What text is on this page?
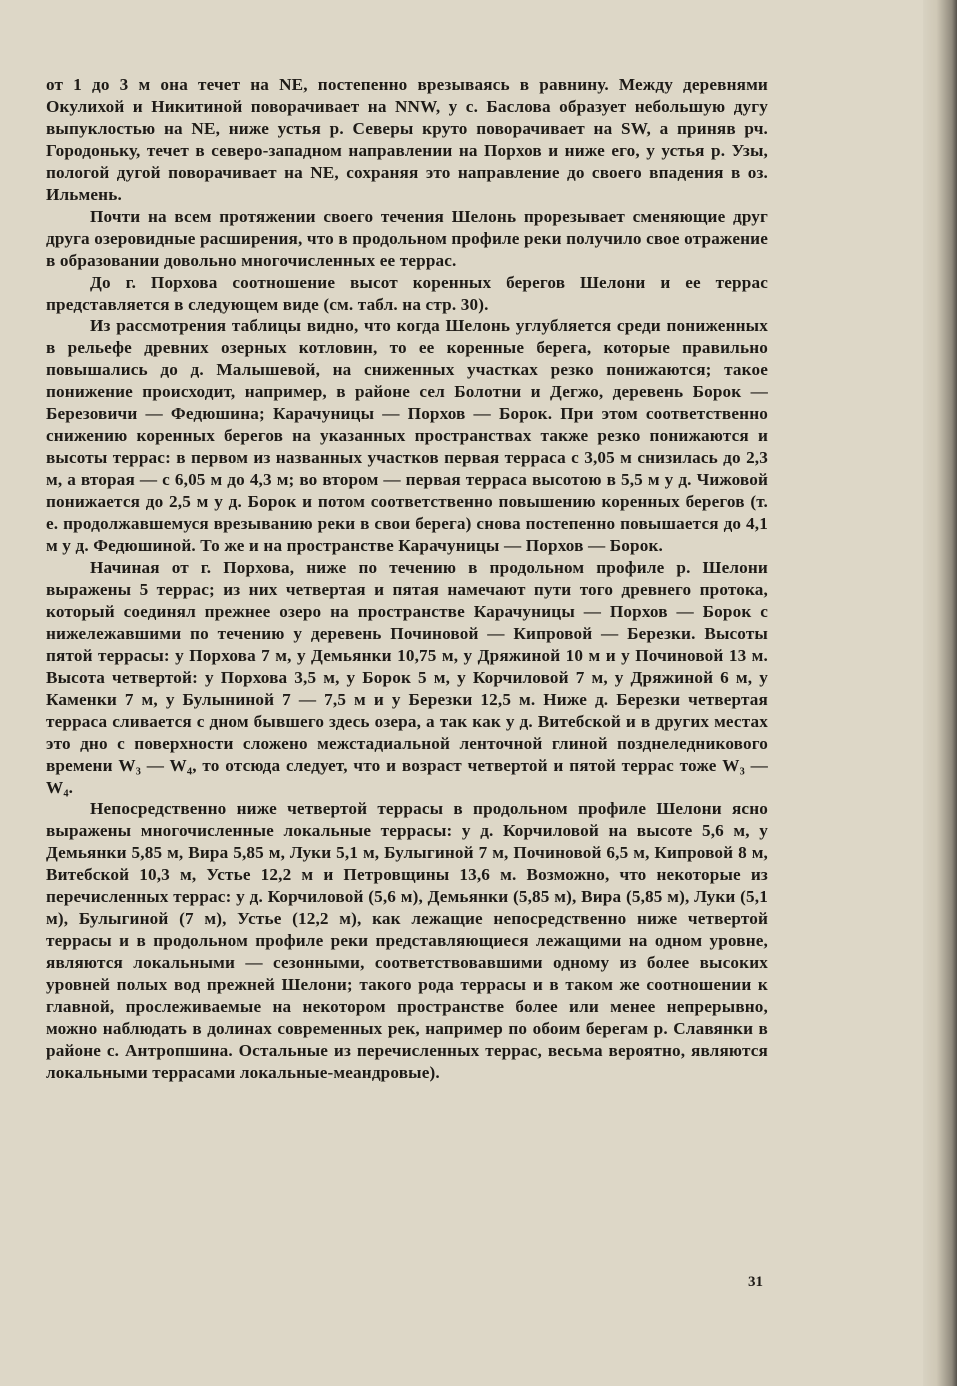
от 1 до 3 м она течет на NE, постепенно врезываясь в равнину. Между деревнями Окулихой и Никитиной поворачивает на NNW, у с. Баслова образует небольшую дугу выпуклостью на NE, ниже устья р. Северы круто поворачивает на SW, а приняв рч. Городоньку, течет в северо-западном направлении на Порхов и ниже его, у устья р. Узы, пологой дугой поворачивает на NE, сохраняя это направление до своего впадения в оз. Ильмень.

Почти на всем протяжении своего течения Шелонь прорезывает сменяющие друг друга озеровидные расширения, что в продольном профиле реки получило свое отражение в образовании довольно многочисленных ее террас.

До г. Порхова соотношение высот коренных берегов Шелони и ее террас представляется в следующем виде (см. табл. на стр. 30).

Из рассмотрения таблицы видно, что когда Шелонь углубляется среди пониженных в рельефе древних озерных котловин, то ее коренные берега, которые правильно повышались до д. Малышевой, на сниженных участках резко понижаются; такое понижение происходит, например, в районе сел Болотни и Дегжо, деревень Борок — Березовичи — Федюшина; Карачуницы — Порхов — Борок. При этом соответственно снижению коренных берегов на указанных пространствах также резко понижаются и высоты террас: в первом из названных участков первая терраса с 3,05 м снизилась до 2,3 м, а вторая — с 6,05 м до 4,3 м; во втором — первая терраса высотою в 5,5 м у д. Чижовой понижается до 2,5 м у д. Борок и потом соответственно повышению коренных берегов (т. е. продолжавшемуся врезыванию реки в свои берега) снова постепенно повышается до 4,1 м у д. Федюшиной. То же и на пространстве Карачуницы — Порхов — Борок.

Начиная от г. Порхова, ниже по течению в продольном профиле р. Шелони выражены 5 террас; из них четвертая и пятая намечают пути того древнего протока, который соединял прежнее озеро на пространстве Карачуницы — Порхов — Борок с нижележавшими по течению у деревень Починовой — Кипровой — Березки. Высоты пятой террасы: у Порхова 7 м, у Демьянки 10,75 м, у Дряжиной 10 м и у Починовой 13 м. Высота четвертой: у Порхова 3,5 м, у Борок 5 м, у Корчиловой 7 м, у Дряжиной 6 м, у Каменки 7 м, у Булыниной 7 — 7,5 м и у Березки 12,5 м. Ниже д. Березки четвертая терраса сливается с дном бывшего здесь озера, а так как у д. Витебской и в других местах это дно с поверхности сложено межстадиальной ленточной глиной позднеледникового времени W₃ — W₄, то отсюда следует, что и возраст четвертой и пятой террас тоже W₃ — W₄.

Непосредственно ниже четвертой террасы в продольном профиле Шелони ясно выражены многочисленные локальные террасы: у д. Корчиловой на высоте 5,6 м, у Демьянки 5,85 м, Вира 5,85 м, Луки 5,1 м, Булыгиной 7 м, Починовой 6,5 м, Кипровой 8 м, Витебской 10,3 м, Устье 12,2 м и Петровщины 13,6 м. Возможно, что некоторые из перечисленных террас: у д. Корчиловой (5,6 м), Демьянки (5,85 м), Вира (5,85 м), Луки (5,1 м), Булыгиной (7 м), Устье (12,2 м), как лежащие непосредственно ниже четвертой террасы и в продольном профиле реки представляющиеся лежащими на одном уровне, являются локальными — сезонными, соответствовавшими одному из более высоких уровней полых вод прежней Шелони; такого рода террасы и в таком же соотношении к главной, прослеживаемые на некотором пространстве более или менее непрерывно, можно наблюдать в долинах современных рек, например по обоим берегам р. Славянки в районе с. Антропшина. Остальные из перечисленных террас, весьма вероятно, являются локальными террасами локальные-меандровые).

31
